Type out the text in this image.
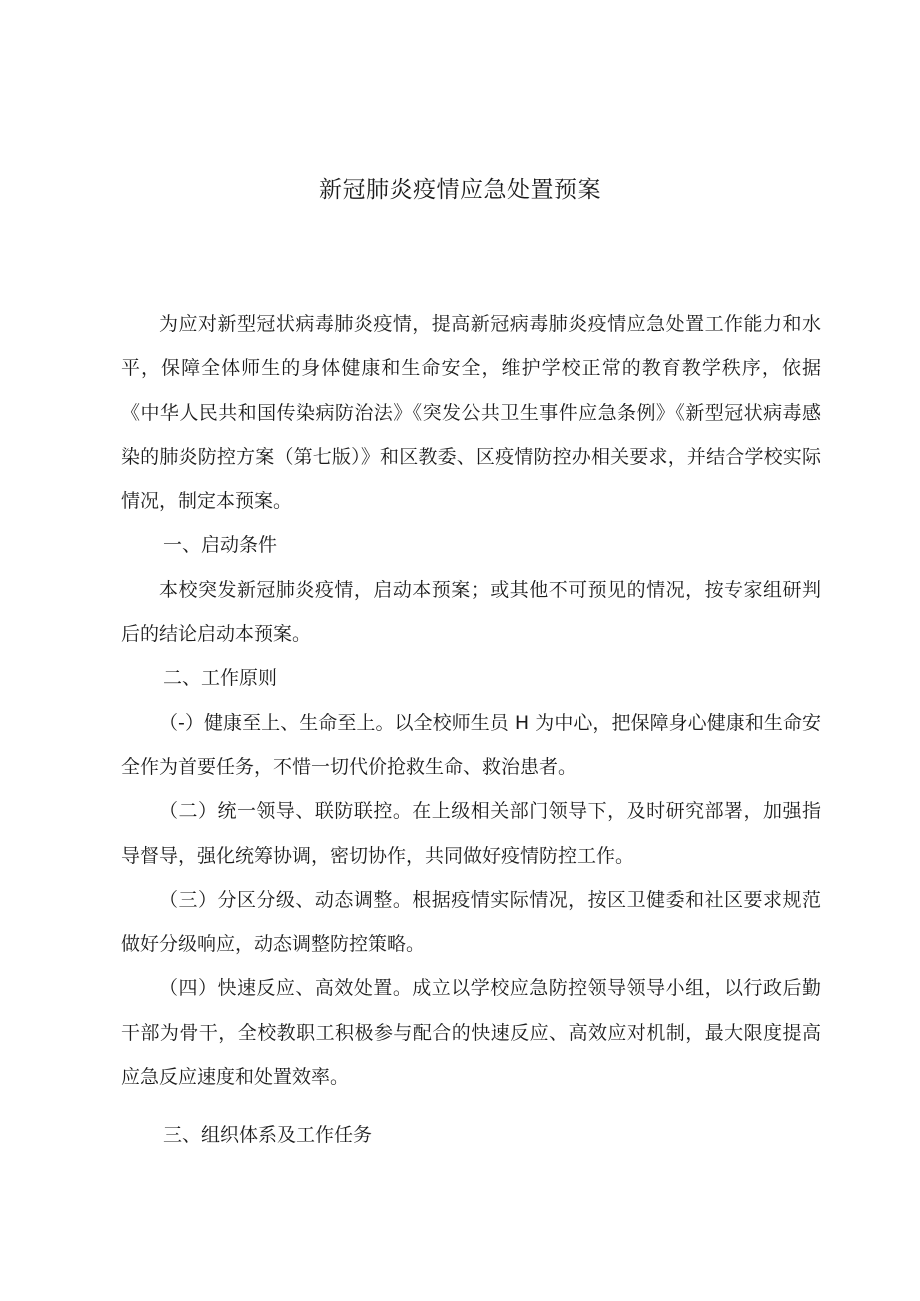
新冠肺炎疫情应急处置预案

为应对新型冠状病毒肺炎疫情，提高新冠病毒肺炎疫情应急处置工作能力和水平，保障全体师生的身体健康和生命安全，维护学校正常的教育教学秩序，依据《中华人民共和国传染病防治法》《突发公共卫生事件应急条例》《新型冠状病毒感染的肺炎防控方案（第七版）》和区教委、区疫情防控办相关要求，并结合学校实际情况，制定本预案。

一、启动条件

本校突发新冠肺炎疫情，启动本预案；或其他不可预见的情况，按专家组研判后的结论启动本预案。

二、工作原则

（-）健康至上、生命至上。以全校师生员 H 为中心，把保障身心健康和生命安全作为首要任务，不惜一切代价抢救生命、救治患者。

（二）统一领导、联防联控。在上级相关部门领导下，及时研究部署，加强指导督导，强化统筹协调，密切协作，共同做好疫情防控工作。

（三）分区分级、动态调整。根据疫情实际情况，按区卫健委和社区要求规范做好分级响应，动态调整防控策略。

（四）快速反应、高效处置。成立以学校应急防控领导领导小组，以行政后勤干部为骨干，全校教职工积极参与配合的快速反应、高效应对机制，最大限度提高应急反应速度和处置效率。

三、组织体系及工作任务
